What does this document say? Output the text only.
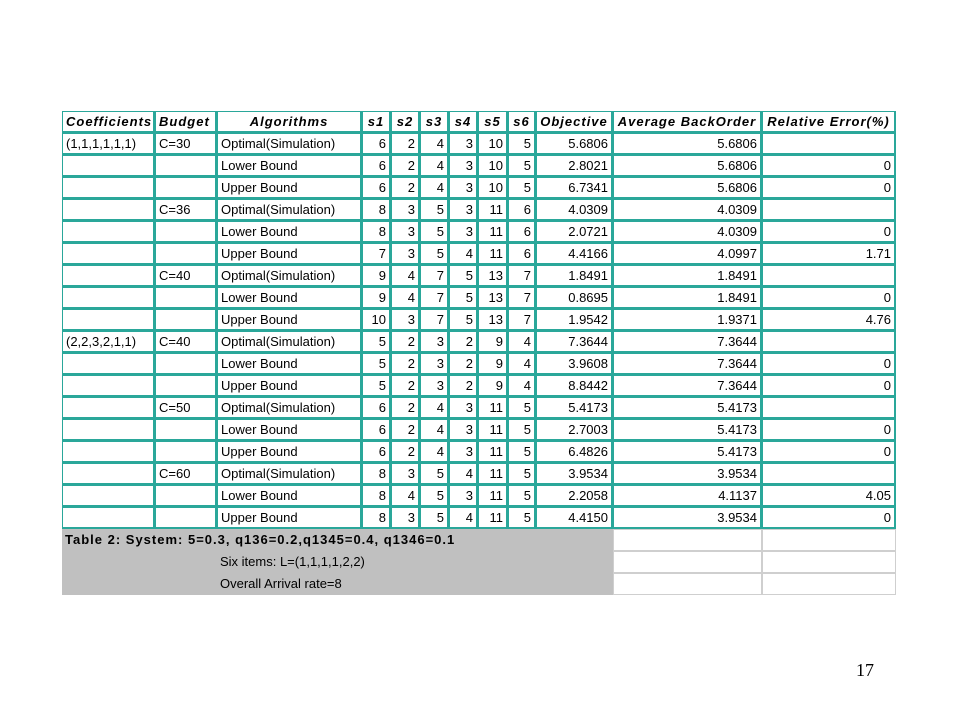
Coefficients	Budget	Algorithms	s1	s2	s3	s4	s5	s6	Objective	Average BackOrder	Relative Error(%)
(1,1,1,1,1,1)	C=30	Optimal(Simulation)	6	2	4	3	10	5	5.6806	5.6806	
		Lower Bound	6	2	4	3	10	5	2.8021	5.6806	0
		Upper Bound	6	2	4	3	10	5	6.7341	5.6806	0
	C=36	Optimal(Simulation)	8	3	5	3	11	6	4.0309	4.0309	
		Lower Bound	8	3	5	3	11	6	2.0721	4.0309	0
		Upper Bound	7	3	5	4	11	6	4.4166	4.0997	1.71
	C=40	Optimal(Simulation)	9	4	7	5	13	7	1.8491	1.8491	
		Lower Bound	9	4	7	5	13	7	0.8695	1.8491	0
		Upper Bound	10	3	7	5	13	7	1.9542	1.9371	4.76
(2,2,3,2,1,1)	C=40	Optimal(Simulation)	5	2	3	2	9	4	7.3644	7.3644	
		Lower Bound	5	2	3	2	9	4	3.9608	7.3644	0
		Upper Bound	5	2	3	2	9	4	8.8442	7.3644	0
	C=50	Optimal(Simulation)	6	2	4	3	11	5	5.4173	5.4173	
		Lower Bound	6	2	4	3	11	5	2.7003	5.4173	0
		Upper Bound	6	2	4	3	11	5	6.4826	5.4173	0
	C=60	Optimal(Simulation)	8	3	5	4	11	5	3.9534	3.9534	
		Lower Bound	8	4	5	3	11	5	2.2058	4.1137	4.05
		Upper Bound	8	3	5	4	11	5	4.4150	3.9534	0
Table 2: System: 5=0.3, q136=0.2,q1345=0.4, q1346=0.1											
		Six items: L=(1,1,1,1,2,2)									
		Overall Arrival rate=8									
17
